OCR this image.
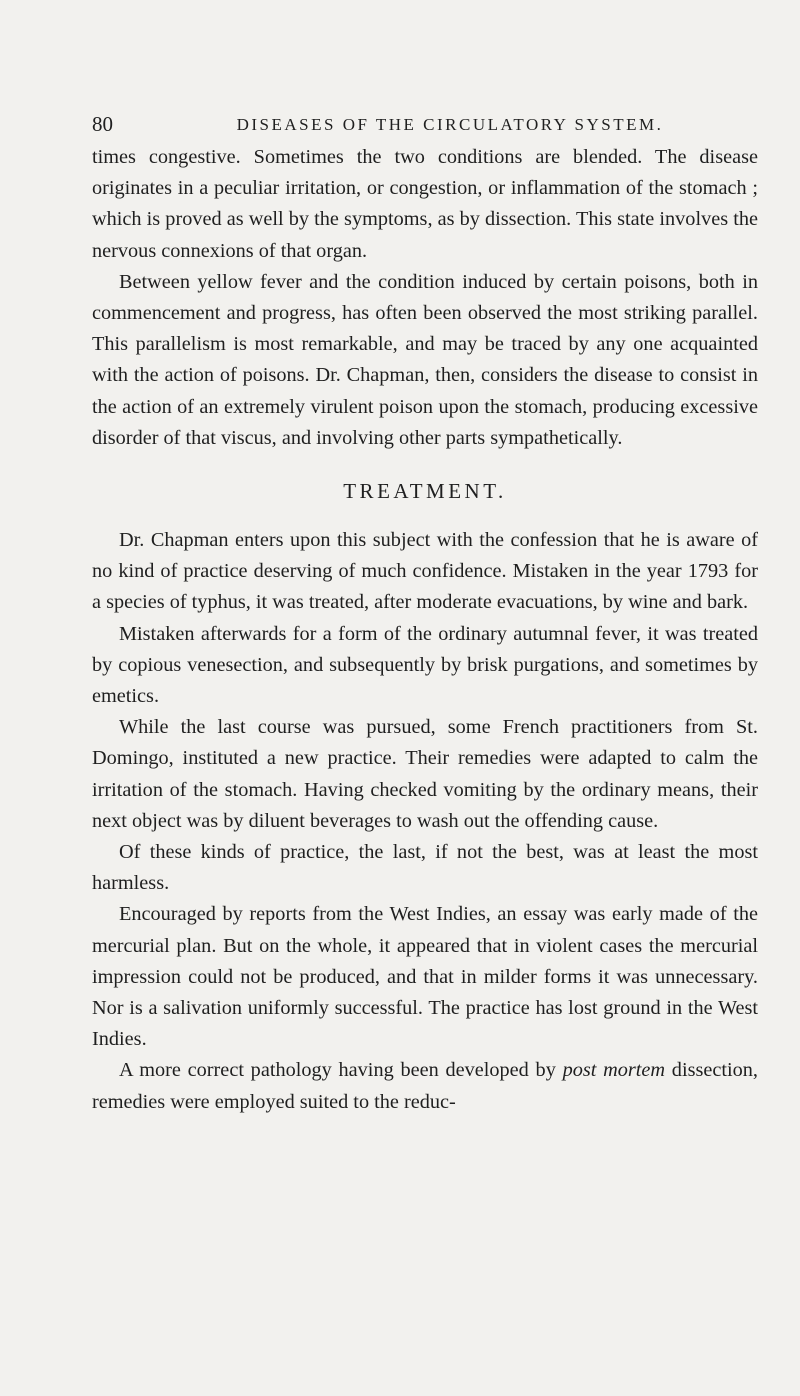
80	DISEASES OF THE CIRCULATORY SYSTEM.

times congestive. Sometimes the two conditions are blended. The disease originates in a peculiar irritation, or congestion, or inflammation of the stomach ; which is proved as well by the symptoms, as by dissection. This state involves the nervous connexions of that organ.

Between yellow fever and the condition induced by certain poisons, both in commencement and progress, has often been observed the most striking parallel. This parallelism is most remarkable, and may be traced by any one acquainted with the action of poisons. Dr. Chapman, then, considers the disease to consist in the action of an extremely virulent poison upon the stomach, producing excessive disorder of that viscus, and involving other parts sympathetically.

TREATMENT.

Dr. Chapman enters upon this subject with the confession that he is aware of no kind of practice deserving of much confidence. Mistaken in the year 1793 for a species of typhus, it was treated, after moderate evacuations, by wine and bark.

Mistaken afterwards for a form of the ordinary autumnal fever, it was treated by copious venesection, and subsequently by brisk purgations, and sometimes by emetics.

While the last course was pursued, some French practitioners from St. Domingo, instituted a new practice. Their remedies were adapted to calm the irritation of the stomach. Having checked vomiting by the ordinary means, their next object was by diluent beverages to wash out the offending cause.

Of these kinds of practice, the last, if not the best, was at least the most harmless.

Encouraged by reports from the West Indies, an essay was early made of the mercurial plan. But on the whole, it appeared that in violent cases the mercurial impression could not be produced, and that in milder forms it was unnecessary. Nor is a salivation uniformly successful. The practice has lost ground in the West Indies.

A more correct pathology having been developed by post mortem dissection, remedies were employed suited to the reduc-
